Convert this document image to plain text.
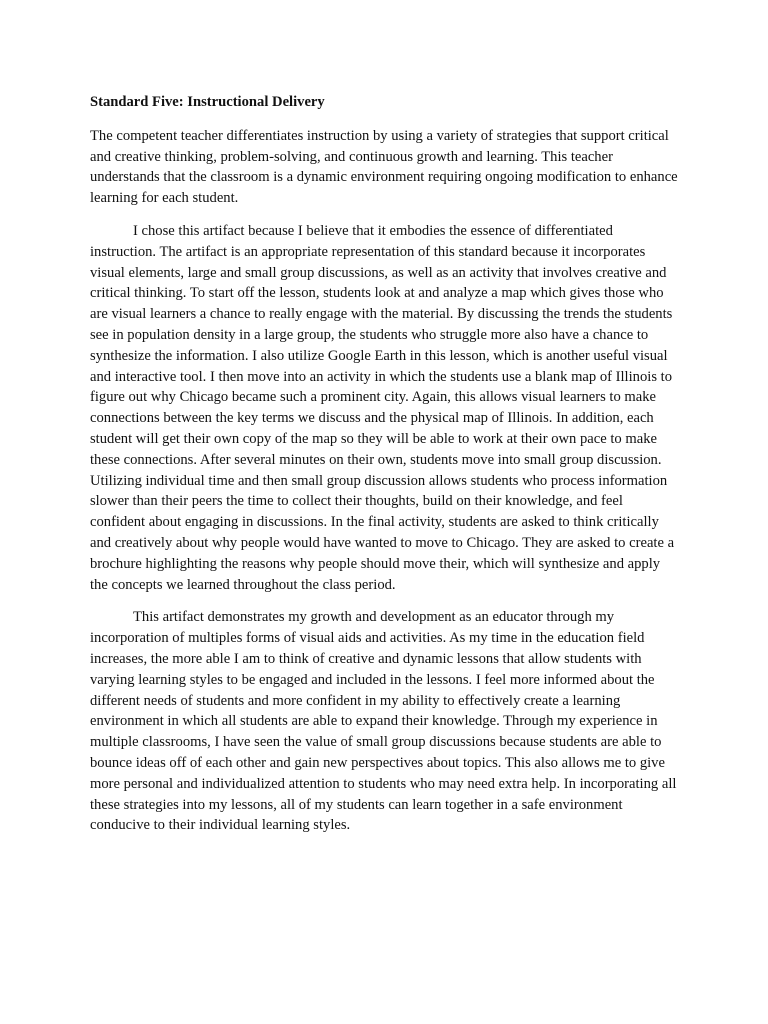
Standard Five: Instructional Delivery

The competent teacher differentiates instruction by using a variety of strategies that support critical and creative thinking, problem-solving, and continuous growth and learning. This teacher understands that the classroom is a dynamic environment requiring ongoing modification to enhance learning for each student.

I chose this artifact because I believe that it embodies the essence of differentiated instruction. The artifact is an appropriate representation of this standard because it incorporates visual elements, large and small group discussions, as well as an activity that involves creative and critical thinking. To start off the lesson, students look at and analyze a map which gives those who are visual learners a chance to really engage with the material. By discussing the trends the students see in population density in a large group, the students who struggle more also have a chance to synthesize the information. I also utilize Google Earth in this lesson, which is another useful visual and interactive tool. I then move into an activity in which the students use a blank map of Illinois to figure out why Chicago became such a prominent city. Again, this allows visual learners to make connections between the key terms we discuss and the physical map of Illinois. In addition, each student will get their own copy of the map so they will be able to work at their own pace to make these connections. After several minutes on their own, students move into small group discussion. Utilizing individual time and then small group discussion allows students who process information slower than their peers the time to collect their thoughts, build on their knowledge, and feel confident about engaging in discussions. In the final activity, students are asked to think critically and creatively about why people would have wanted to move to Chicago. They are asked to create a brochure highlighting the reasons why people should move their, which will synthesize and apply the concepts we learned throughout the class period.

This artifact demonstrates my growth and development as an educator through my incorporation of multiples forms of visual aids and activities. As my time in the education field increases, the more able I am to think of creative and dynamic lessons that allow students with varying learning styles to be engaged and included in the lessons. I feel more informed about the different needs of students and more confident in my ability to effectively create a learning environment in which all students are able to expand their knowledge. Through my experience in multiple classrooms, I have seen the value of small group discussions because students are able to bounce ideas off of each other and gain new perspectives about topics. This also allows me to give more personal and individualized attention to students who may need extra help. In incorporating all these strategies into my lessons, all of my students can learn together in a safe environment conducive to their individual learning styles.
